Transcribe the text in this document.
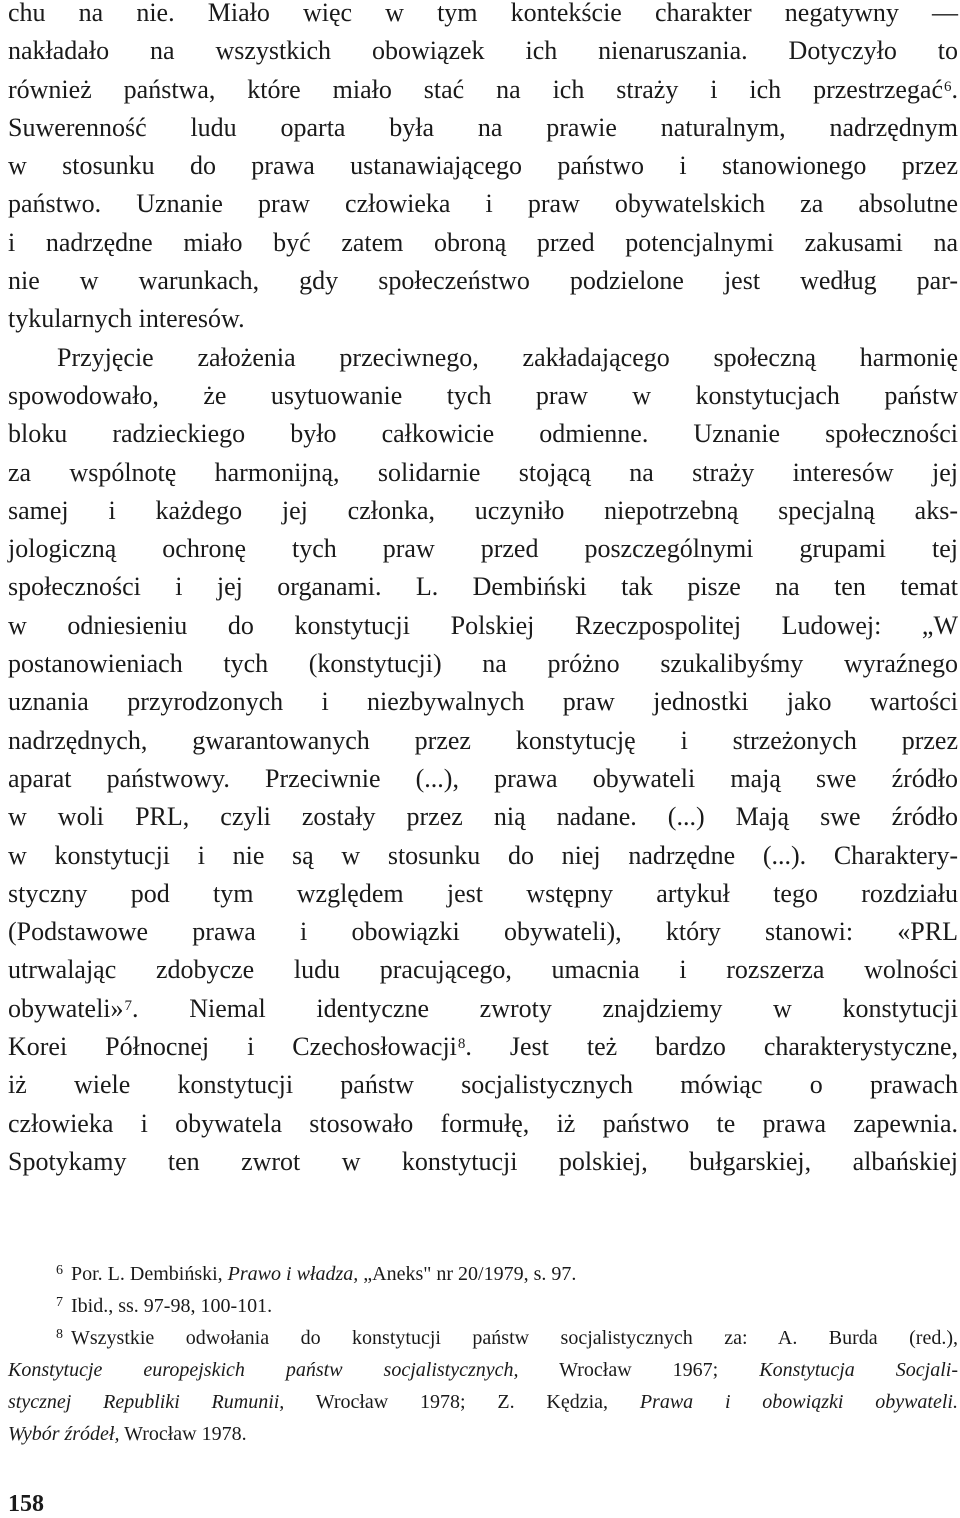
chu na nie. Miało więc w tym kontekście charakter negatywny —
nakładało na wszystkich obowiązek ich nienaruszania. Dotyczyło to
również państwa, które miało stać na ich straży i ich przestrzegać$^6$.
Suwerenność ludu oparta była na prawie naturalnym, nadrzędnym
w stosunku do prawa ustanawiającego państwo i stanowionego przez
państwo. Uznanie praw człowieka i praw obywatelskich za absolutne
i nadrzędne miało być zatem obroną przed potencjalnymi zakusami na
nie w warunkach, gdy społeczeństwo podzielone jest według par-
tykularnych interesów.
Przyjęcie założenia przeciwnego, zakładającego społeczną harmonię
spowodowało, że usytuowanie tych praw w konstytucjach państw
bloku radzieckiego było całkowicie odmienne. Uznanie społeczności
za wspólnotę harmonijną, solidarnie stojącą na straży interesów jej
samej i każdego jej członka, uczyniło niepotrzebną specjalną aks-
jologiczną ochronę tych praw przed poszczególnymi grupami tej
społeczności i jej organami. L. Dembiński tak pisze na ten temat
w odniesieniu do konstytucji Polskiej Rzeczpospolitej Ludowej: „W
postanowieniach tych (konstytucji) na próżno szukalibyśmy wyraźnego
uznania przyrodzonych i niezbywalnych praw jednostki jako wartości
nadrzędnych, gwarantowanych przez konstytucję i strzeżonych przez
aparat państwowy. Przeciwnie (...), prawa obywateli mają swe źródło
w woli PRL, czyli zostały przez nią nadane. (...) Mają swe źródło
w konstytucji i nie są w stosunku do niej nadrzędne (...). Charaktery-
styczny pod tym względem jest wstępny artykuł tego rozdziału
(Podstawowe prawa i obowiązki obywateli), który stanowi: «PRL
utrwalając zdobycze ludu pracującego, umacnia i rozszerza wolności
obywateli»$^7$. Niemal identyczne zwroty znajdziemy w konstytucji
Korei Północnej i Czechosłowacji$^8$. Jest też bardzo charakterystyczne,
iż wiele konstytucji państw socjalistycznych mówiąc o prawach
człowieka i obywatela stosowało formułę, iż państwo te prawa zapewnia.
Spotykamy ten zwrot w konstytucji polskiej, bułgarskiej, albańskiej
$^6$ Por. L. Dembiński, Prawo i władza, „Aneks" nr 20/1979, s. 97.
$^7$ Ibid., ss. 97-98, 100-101.
$^8$ Wszystkie odwołania do konstytucji państw socjalistycznych za: A. Burda (red.),
Konstytucje europejskich państw socjalistycznych, Wrocław 1967; Konstytucja Socjali-
stycznej Republiki Rumunii, Wrocław 1978; Z. Kędzia, Prawa i obowiązki obywateli.
Wybór źródeł, Wrocław 1978.
158
